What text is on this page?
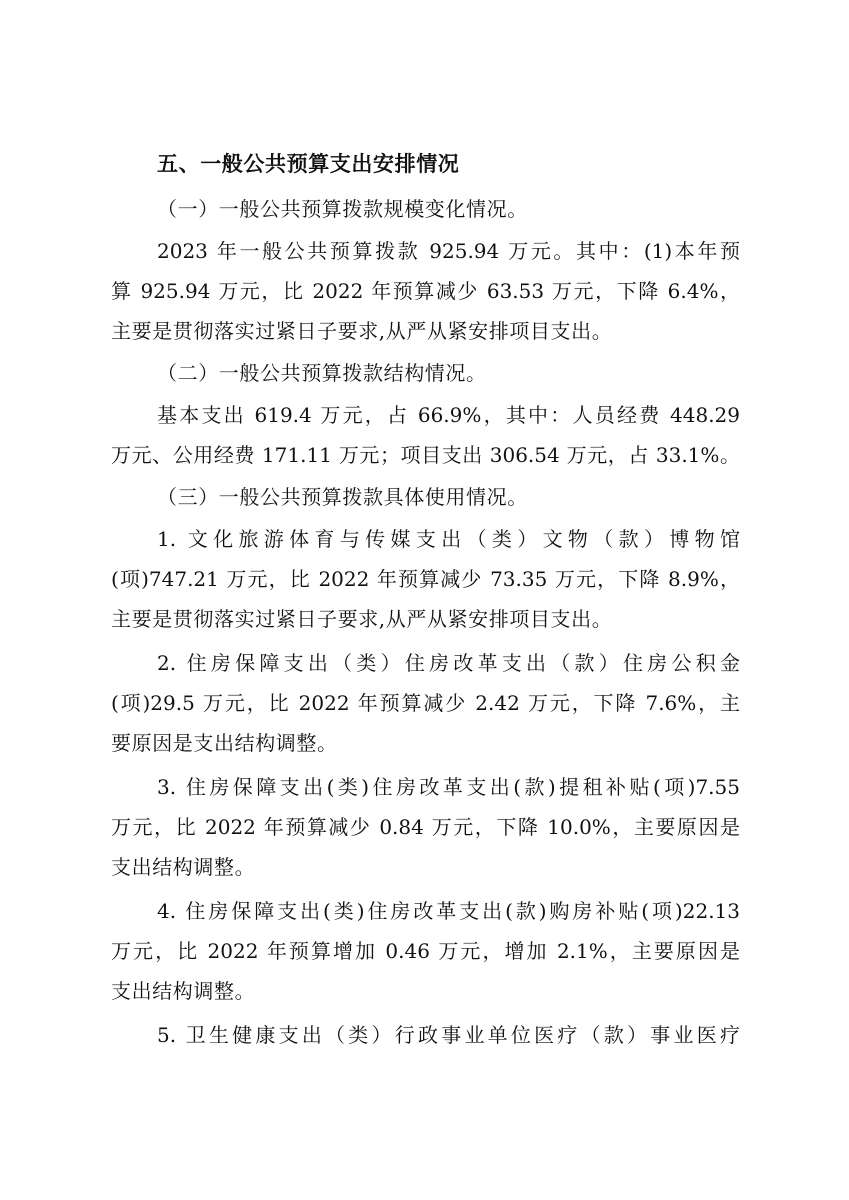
五、一般公共预算支出安排情况
（一）一般公共预算拨款规模变化情况。
2023 年一般公共预算拨款 925.94 万元。其中：(1)本年预
算 925.94 万元，比 2022 年预算减少 63.53 万元，下降 6.4%，
主要是贯彻落实过紧日子要求,从严从紧安排项目支出。
（二）一般公共预算拨款结构情况。
基本支出 619.4 万元，占 66.9%，其中：人员经费 448.29
万元、公用经费 171.11 万元；项目支出 306.54 万元，占 33.1%。
（三）一般公共预算拨款具体使用情况。
1. 文化旅游体育与传媒支出（类）文物（款）博物馆
(项)747.21 万元，比 2022 年预算减少 73.35 万元，下降 8.9%，
主要是贯彻落实过紧日子要求,从严从紧安排项目支出。
2. 住房保障支出（类）住房改革支出（款）住房公积金
(项)29.5 万元，比 2022 年预算减少 2.42 万元，下降 7.6%，主
要原因是支出结构调整。
3. 住房保障支出(类)住房改革支出(款)提租补贴(项)7.55
万元，比 2022 年预算减少 0.84 万元，下降 10.0%，主要原因是
支出结构调整。
4. 住房保障支出(类)住房改革支出(款)购房补贴(项)22.13
万元，比 2022 年预算增加 0.46 万元，增加 2.1%，主要原因是
支出结构调整。
5. 卫生健康支出（类）行政事业单位医疗（款）事业医疗
